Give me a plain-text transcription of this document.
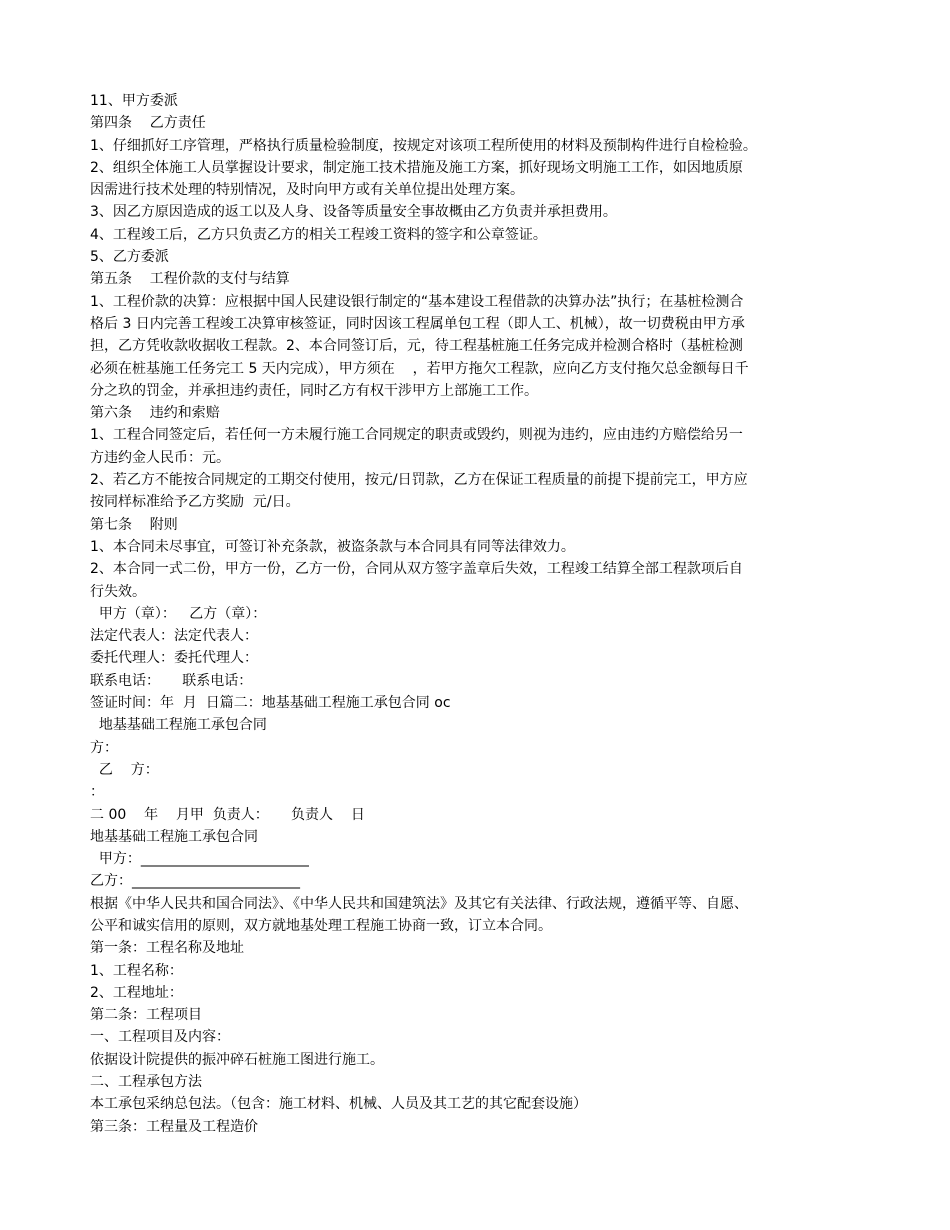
11、甲方委派
第四条    乙方责任
1、仔细抓好工序管理，严格执行质量检验制度，按规定对该项工程所使用的材料及预制构件进行自检检验。
2、组织全体施工人员掌握设计要求，制定施工技术措施及施工方案，抓好现场文明施工工作，如因地质原
因需进行技术处理的特别情况，及时向甲方或有关单位提出处理方案。
3、因乙方原因造成的返工以及人身、设备等质量安全事故概由乙方负责并承担费用。
4、工程竣工后，乙方只负责乙方的相关工程竣工资料的签字和公章签证。
5、乙方委派
第五条    工程价款的支付与结算
1、工程价款的决算：应根据中国人民建设银行制定的“基本建设工程借款的决算办法”执行；在基桩检测合
格后 3 日内完善工程竣工决算审核签证，同时因该工程属单包工程（即人工、机械），故一切费税由甲方承
担，乙方凭收款收据收工程款。2、本合同签订后，元，待工程基桩施工任务完成并检测合格时（基桩检测
必须在桩基施工任务完工 5 天内完成），甲方须在    ，若甲方拖欠工程款，应向乙方支付拖欠总金额每日千
分之玖的罚金，并承担违约责任，同时乙方有权干涉甲方上部施工工作。
第六条    违约和索赔
1、工程合同签定后，若任何一方未履行施工合同规定的职责或毁约，则视为违约，应由违约方赔偿给另一
方违约金人民币：元。
2、若乙方不能按合同规定的工期交付使用，按元/日罚款，乙方在保证工程质量的前提下提前完工，甲方应
按同样标准给予乙方奖励  元/日。
第七条    附则
1、本合同未尽事宜，可签订补充条款，被盗条款与本合同具有同等法律效力。
2、本合同一式二份，甲方一份，乙方一份，合同从双方签字盖章后失效，工程竣工结算全部工程款项后自
行失效。
甲方（章）：   乙方（章）：
法定代表人：法定代表人：
委托代理人：委托代理人：
联系电话：     联系电话：
签证时间：年  月  日篇二：地基基础工程施工承包合同 oc
地基基础工程施工承包合同
方：
乙    方：
：
二 00    年    月甲  负责人：     负责人    日
地基基础工程施工承包合同
甲方：________________________
乙方：________________________
根据《中华人民共和国合同法》、《中华人民共和国建筑法》及其它有关法律、行政法规，遵循平等、自愿、
公平和诚实信用的原则，双方就地基处理工程施工协商一致，订立本合同。
第一条：工程名称及地址
1、工程名称：
2、工程地址：
第二条：工程项目
一、工程项目及内容：
依据设计院提供的振冲碎石桩施工图进行施工。
二、工程承包方法
本工承包采纳总包法。（包含：施工材料、机械、人员及其工艺的其它配套设施）
第三条：工程量及工程造价
